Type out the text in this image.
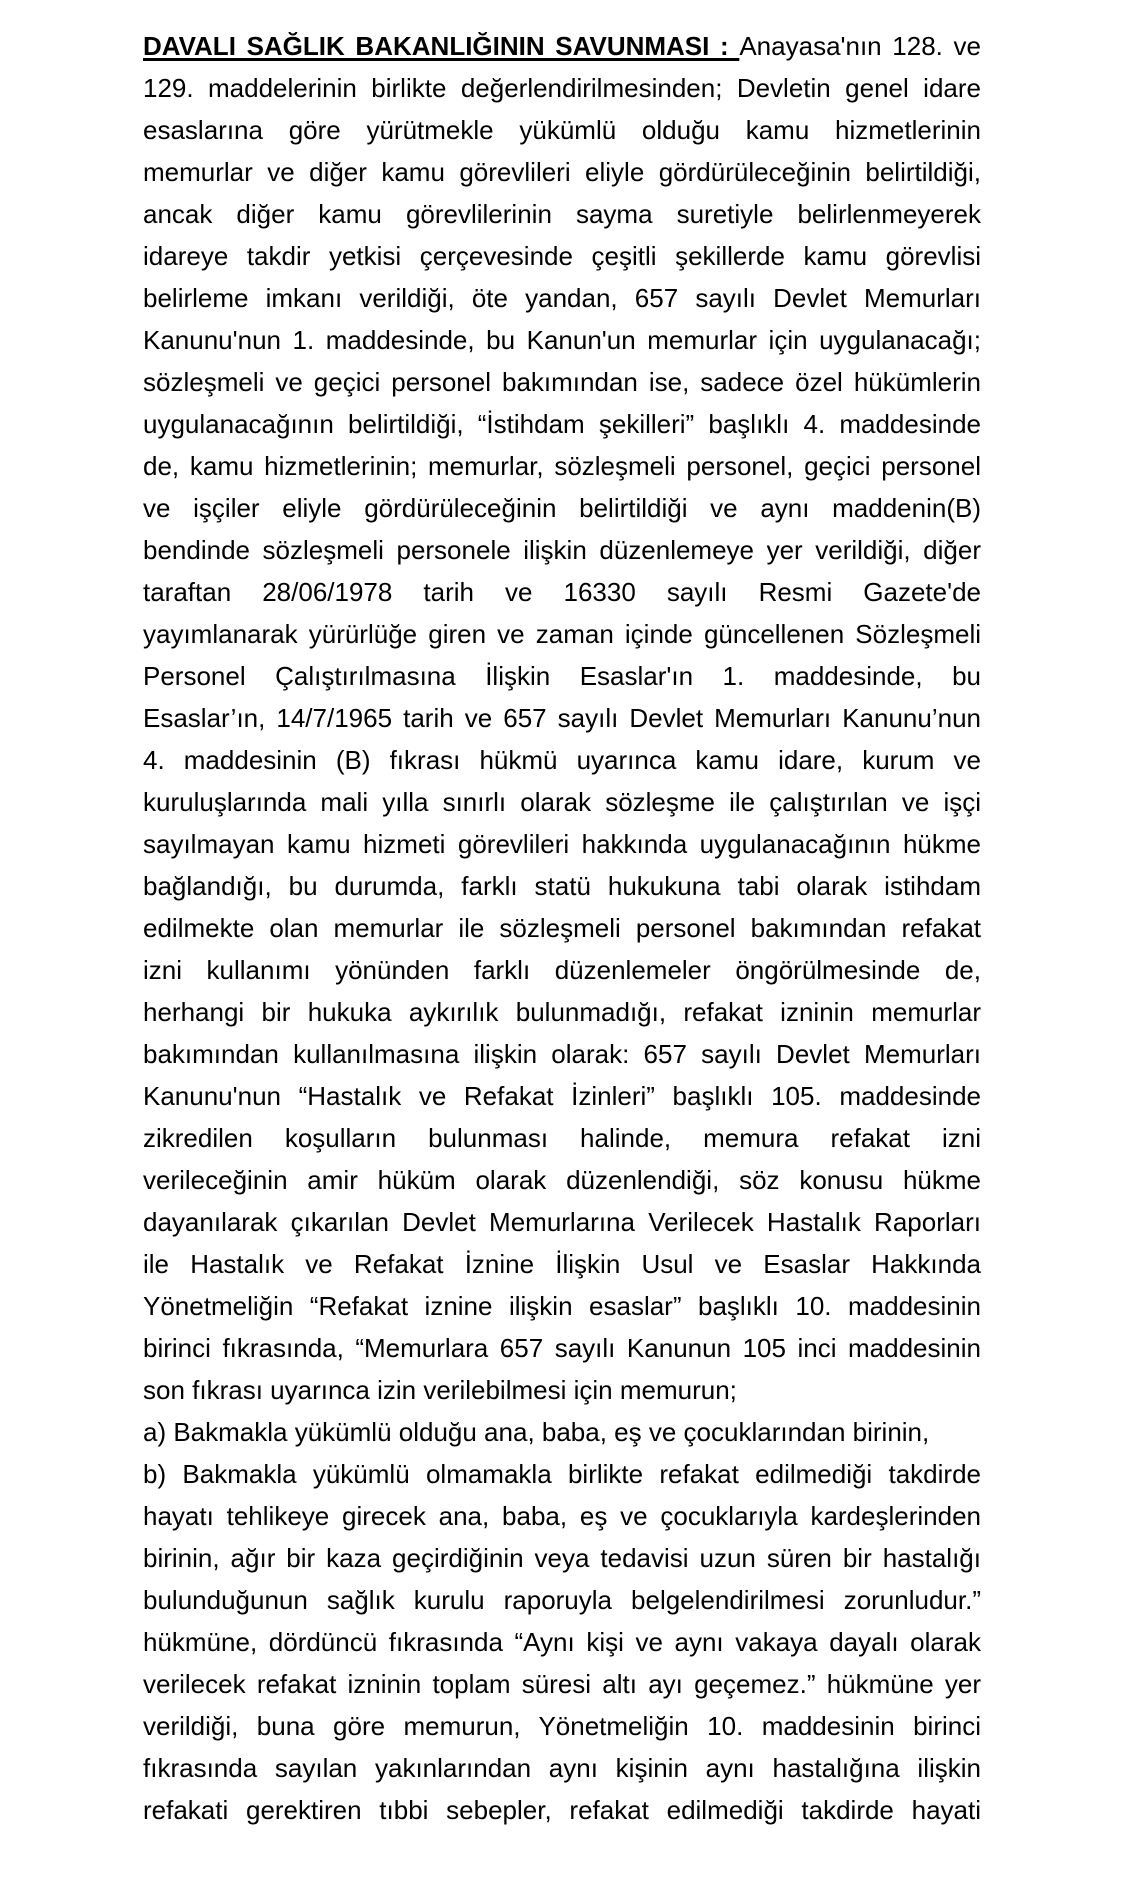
DAVALI SAĞLIK BAKANLIĞININ SAVUNMASI : Anayasa'nın 128. ve
129. maddelerinin birlikte değerlendirilmesinden; Devletin genel idare
esaslarına göre yürütmekle yükümlü olduğu kamu hizmetlerinin
memurlar ve diğer kamu görevlileri eliyle gördürüleceğinin belirtildiği,
ancak diğer kamu görevlilerinin sayma suretiyle belirlenmeyerek
idareye takdir yetkisi çerçevesinde çeşitli şekillerde kamu görevlisi
belirleme imkanı verildiği, öte yandan, 657 sayılı Devlet Memurları
Kanunu'nun 1. maddesinde, bu Kanun'un memurlar için uygulanacağı;
sözleşmeli ve geçici personel bakımından ise, sadece özel hükümlerin
uygulanacağının belirtildiği, “İstihdam şekilleri” başlıklı 4. maddesinde
de, kamu hizmetlerinin; memurlar, sözleşmeli personel, geçici personel
ve işçiler eliyle gördürüleceğinin belirtildiği ve aynı maddenin(B)
bendinde sözleşmeli personele ilişkin düzenlemeye yer verildiği, diğer
taraftan 28/06/1978 tarih ve 16330 sayılı Resmi Gazete'de
yayımlanarak yürürlüğe giren ve zaman içinde güncellenen Sözleşmeli
Personel Çalıştırılmasına İlişkin Esaslar'ın 1. maddesinde, bu
Esaslar’ın, 14/7/1965 tarih ve 657 sayılı Devlet Memurları Kanunu’nun
4. maddesinin (B) fıkrası hükmü uyarınca kamu idare, kurum ve
kuruluşlarında mali yılla sınırlı olarak sözleşme ile çalıştırılan ve işçi
sayılmayan kamu hizmeti görevlileri hakkında uygulanacağının hükme
bağlandığı, bu durumda, farklı statü hukukuna tabi olarak istihdam
edilmekte olan memurlar ile sözleşmeli personel bakımından refakat
izni kullanımı yönünden farklı düzenlemeler öngörülmesinde de,
herhangi bir hukuka aykırılık bulunmadığı, refakat izninin memurlar
bakımından kullanılmasına ilişkin olarak: 657 sayılı Devlet Memurları
Kanunu'nun “Hastalık ve Refakat İzinleri” başlıklı 105. maddesinde
zikredilen koşulların bulunması halinde, memura refakat izni
verileceğinin amir hüküm olarak düzenlendiği, söz konusu hükme
dayanılarak çıkarılan Devlet Memurlarına Verilecek Hastalık Raporları
ile Hastalık ve Refakat İznine İlişkin Usul ve Esaslar Hakkında
Yönetmeliğin “Refakat iznine ilişkin esaslar” başlıklı 10. maddesinin
birinci fıkrasında, “Memurlara 657 sayılı Kanunun 105 inci maddesinin
son fıkrası uyarınca izin verilebilmesi için memurun;
a) Bakmakla yükümlü olduğu ana, baba, eş ve çocuklarından birinin,
b) Bakmakla yükümlü olmamakla birlikte refakat edilmediği takdirde
hayatı tehlikeye girecek ana, baba, eş ve çocuklarıyla kardeşlerinden
birinin, ağır bir kaza geçirdiğinin veya tedavisi uzun süren bir hastalığı
bulunduğunun sağlık kurulu raporuyla belgelendirilmesi zorunludur.”
hükmüne, dördüncü fıkrasında “Aynı kişi ve aynı vakaya dayalı olarak
verilecek refakat izninin toplam süresi altı ayı geçemez.” hükmüne yer
verildiği, buna göre memurun, Yönetmeliğin 10. maddesinin birinci
fıkrasında sayılan yakınlarından aynı kişinin aynı hastalığına ilişkin
refakati gerektiren tıbbi sebepler, refakat edilmediği takdirde hayati
